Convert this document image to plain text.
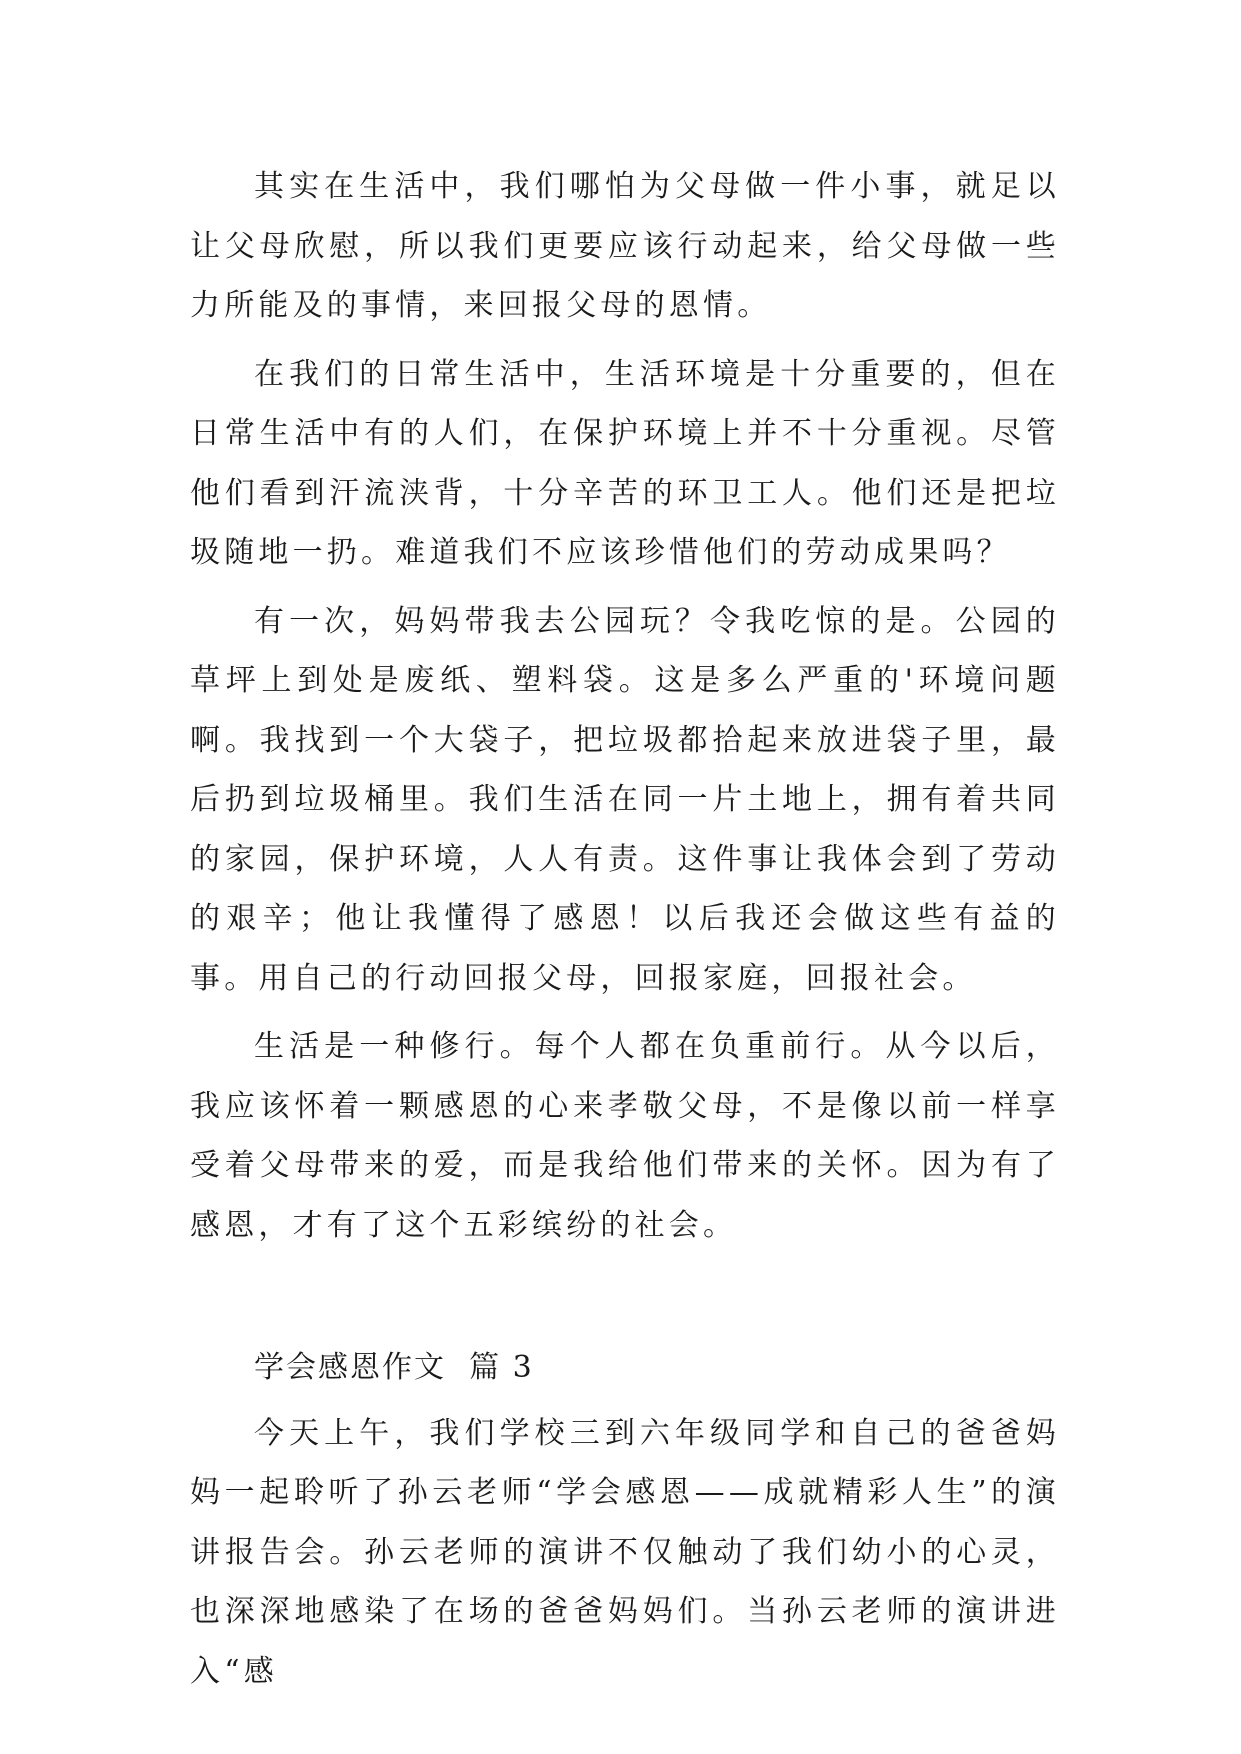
其实在生活中，我们哪怕为父母做一件小事，就足以让父母欣慰，所以我们更要应该行动起来，给父母做一些力所能及的事情，来回报父母的恩情。

在我们的日常生活中，生活环境是十分重要的，但在日常生活中有的人们，在保护环境上并不十分重视。尽管他们看到汗流浃背，十分辛苦的环卫工人。他们还是把垃圾随地一扔。难道我们不应该珍惜他们的劳动成果吗？

有一次，妈妈带我去公园玩？令我吃惊的是。公园的草坪上到处是废纸、塑料袋。这是多么严重的'环境问题啊。我找到一个大袋子，把垃圾都拾起来放进袋子里，最后扔到垃圾桶里。我们生活在同一片土地上，拥有着共同的家园，保护环境，人人有责。这件事让我体会到了劳动的艰辛；他让我懂得了感恩！以后我还会做这些有益的事。用自己的行动回报父母，回报家庭，回报社会。

生活是一种修行。每个人都在负重前行。从今以后，我应该怀着一颗感恩的心来孝敬父母，不是像以前一样享受着父母带来的爱，而是我给他们带来的关怀。因为有了感恩，才有了这个五彩缤纷的社会。

学会感恩作文  篇 3

今天上午，我们学校三到六年级同学和自己的爸爸妈妈一起聆听了孙云老师“学会感恩——成就精彩人生”的演讲报告会。孙云老师的演讲不仅触动了我们幼小的心灵，也深深地感染了在场的爸爸妈妈们。当孙云老师的演讲进入“感
